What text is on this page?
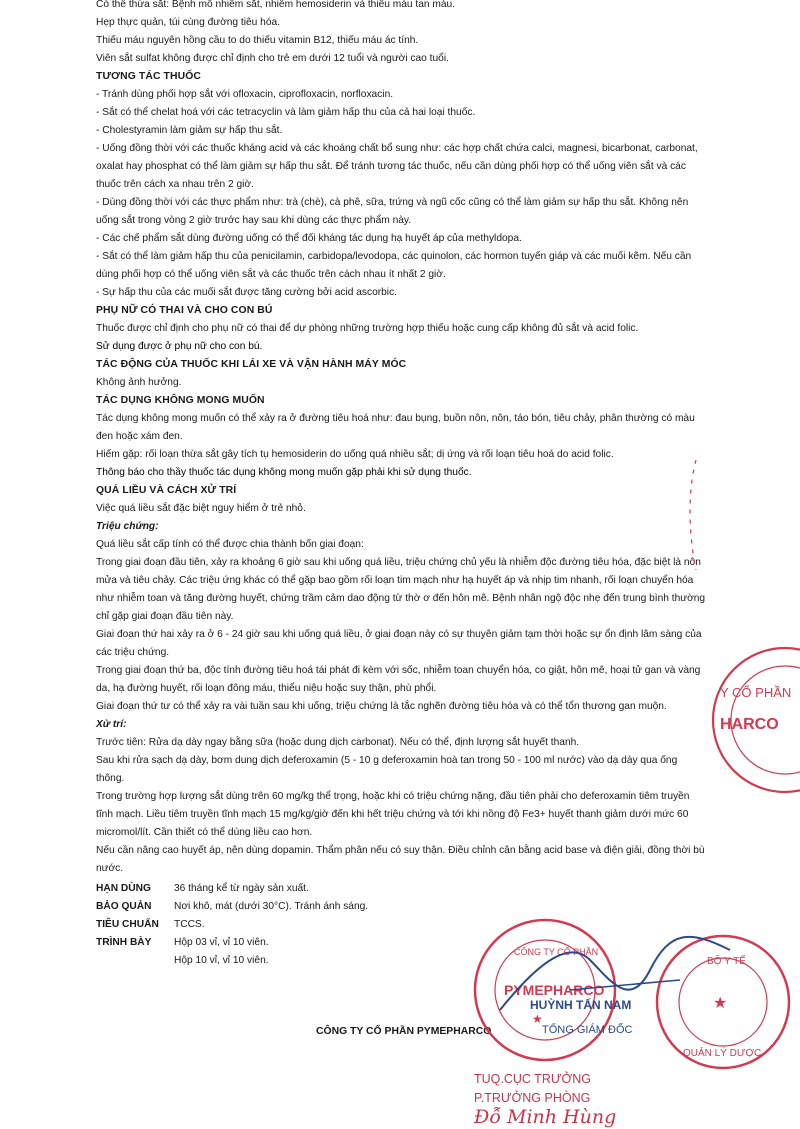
Có thể thừa sắt: Bệnh mô nhiễm sắt, nhiễm hemosiderin và thiếu máu tan máu.

Hẹp thực quản, túi cùng đường tiêu hóa.

Thiếu máu nguyên hồng cầu to do thiếu vitamin B12, thiếu máu ác tính.

Viên sắt sulfat không được chỉ định cho trẻ em dưới 12 tuổi và người cao tuổi.

TƯƠNG TÁC THUỐC

- Tránh dùng phối hợp sắt với ofloxacin, ciprofloxacin, norfloxacin.

- Sắt có thể chelat hoá với các tetracyclin và làm giảm hấp thu của cả hai loại thuốc.

- Cholestyramin làm giảm sự hấp thu sắt.

- Uống đồng thời với các thuốc kháng acid và các khoáng chất bổ sung như: các hợp chất chứa calci, magnesi, bicarbonat, carbonat, oxalat hay phosphat có thể làm giảm sự hấp thu sắt. Để tránh tương tác thuốc, nếu cần dùng phối hợp có thể uống viên sắt và các thuốc trên cách xa nhau trên 2 giờ.

- Dùng đồng thời với các thực phẩm như: trà (chè), cà phê, sữa, trứng và ngũ cốc cũng có thể làm giảm sự hấp thu sắt. Không nên uống sắt trong vòng 2 giờ trước hay sau khi dùng các thực phẩm này.

- Các chế phẩm sắt dùng đường uống có thể đối kháng tác dụng hạ huyết áp của methyldopa.

- Sắt có thể làm giảm hấp thu của penicilamin, carbidopa/levodopa, các quinolon, các hormon tuyến giáp và các muối kẽm. Nếu cần dùng phối hợp có thể uống viên sắt và các thuốc trên cách nhau ít nhất 2 giờ.

- Sự hấp thu của các muối sắt được tăng cường bởi acid ascorbic.

PHỤ NỮ CÓ THAI VÀ CHO CON BÚ

Thuốc được chỉ định cho phụ nữ có thai để dự phòng những trường hợp thiếu hoặc cung cấp không đủ sắt và acid folic.

Sử dụng được ở phụ nữ cho con bú.

TÁC ĐỘNG CỦA THUỐC KHI LÁI XE VÀ VẬN HÀNH MÁY MÓC

Không ảnh hưởng.

TÁC DỤNG KHÔNG MONG MUỐN

Tác dụng không mong muốn có thể xảy ra ở đường tiêu hoá như: đau bụng, buồn nôn, nôn, táo bón, tiêu chảy, phân thường có màu đen hoặc xám đen.

Hiếm gặp: rối loạn thừa sắt gây tích tụ hemosiderin do uống quá nhiều sắt; dị ứng và rối loạn tiêu hoá do acid folic.

Thông báo cho thầy thuốc tác dụng không mong muốn gặp phải khi sử dụng thuốc.

QUÁ LIỀU VÀ CÁCH XỬ TRÍ

Việc quá liều sắt đặc biệt nguy hiểm ở trẻ nhỏ.

Triệu chứng:

Quá liều sắt cấp tính có thể được chia thành bốn giai đoạn:

Trong giai đoạn đầu tiên, xảy ra khoảng 6 giờ sau khi uống quá liều, triệu chứng chủ yếu là nhiễm độc đường tiêu hóa, đặc biệt là nôn mửa và tiêu chảy. Các triệu ứng khác có thể gặp bao gồm rối loạn tim mạch như hạ huyết áp và nhịp tim nhanh, rối loạn chuyển hóa như nhiễm toan và tăng đường huyết, chứng trầm cảm dao động từ thờ ơ đến hôn mê. Bệnh nhân ngộ độc nhẹ đến trung bình thường chỉ gặp giai đoạn đầu tiên này.

Giai đoạn thứ hai xảy ra ở 6 - 24 giờ sau khi uống quá liều, ở giai đoạn này có sự thuyên giảm tạm thời hoặc sự ổn định lâm sàng của các triệu chứng.

Trong giai đoạn thứ ba, độc tính đường tiêu hoá tái phát đi kèm với sốc, nhiễm toan chuyển hóa, co giật, hôn mê, hoại tử gan và vàng da, hạ đường huyết, rối loạn đông máu, thiểu niệu hoặc suy thận, phù phổi.

Giai đoạn thứ tư có thể xảy ra vài tuần sau khi uống, triệu chứng là tắc nghẽn đường tiêu hóa và có thể tổn thương gan muộn.

Xử trí:

Trước tiên: Rửa dạ dày ngay bằng sữa (hoặc dung dịch carbonat). Nếu có thể, định lượng sắt huyết thanh.

Sau khi rửa sạch dạ dày, bơm dung dịch deferoxamin (5 - 10 g deferoxamin hoà tan trong 50 - 100 ml nước) vào dạ dày qua ống thông.

Trong trường hợp lượng sắt dùng trên 60 mg/kg thể trọng, hoặc khi có triệu chứng nặng, đầu tiên phải cho deferoxamin tiêm truyền tĩnh mạch. Liều tiêm truyền tĩnh mạch 15 mg/kg/giờ đến khi hết triệu chứng và tới khi nồng độ Fe3+ huyết thanh giảm dưới mức 60 micromol/lít. Cần thiết có thể dùng liều cao hơn.

Nếu cần nâng cao huyết áp, nên dùng dopamin. Thẩm phân nếu có suy thận. Điều chỉnh cân bằng acid base và điện giải, đồng thời bù nước.

HẠN DÙNG	36 tháng kể từ ngày sản xuất.
BẢO QUẢN	Nơi khô, mát (dưới 30°C). Tránh ánh sáng.
TIÊU CHUẨN	TCCS.
TRÌNH BÀY	Hộp 03 vỉ, vỉ 10 viên.
Hộp 10 vỉ, vỉ 10 viên.
CÔNG TY CỔ PHẦN PYMEPHARCO
Y CỔ PHẦN
HARCO
CÔNG TY CỔ PHẦN
PYMEPHARCO
★
BỘ Y TẾ
★
QUẢN LÝ DƯỢC
HUỲNH TẤN NAM
TỔNG GIÁM ĐỐC
TUQ.CỤC TRƯỞNG
P.TRƯỞNG PHÒNG
Đỗ Minh Hùng
